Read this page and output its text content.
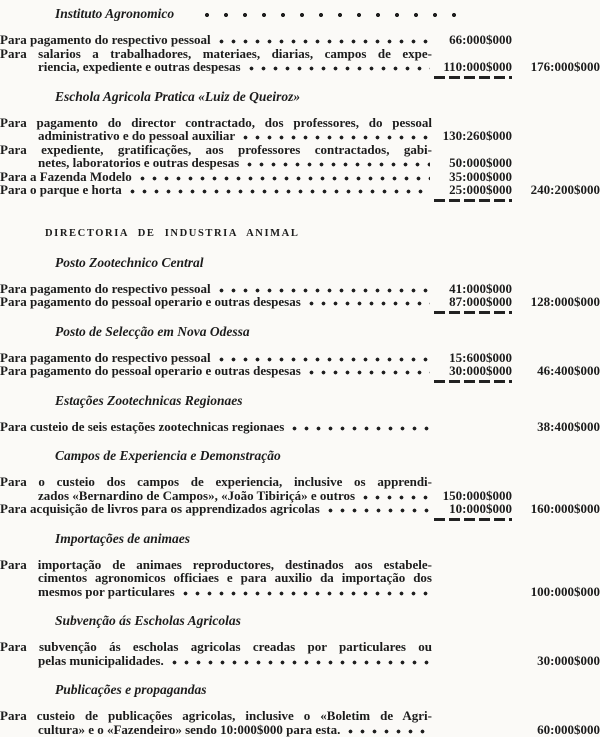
Instituto Agronomico
Para pagamento do respectivo pessoal	66:000$000
Para salarios a trabalhadores, materiaes, diarias, campos de expe-
riencia, expediente e outras despesas	110:000$000	176:000$000
Eschola Agricola Pratica «Luiz de Queiroz»
Para pagamento do director contractado, dos professores, do pessoal
administrativo e do pessoal auxiliar	130:260$000
Para expediente, gratificações, aos professores contractados, gabi-
netes, laboratorios e outras despesas	50:000$000
Para a Fazenda Modelo	35:000$000
Para o parque e horta	25:000$000	240:200$000
DIRECTORIA DE INDUSTRIA ANIMAL
Posto Zootechnico Central
Para pagamento do respectivo pessoal	41:000$000
Para pagamento do pessoal operario e outras despesas	87:000$000	128:000$000
Posto de Selecção em Nova Odessa
Para pagamento do respectivo pessoal	15:600$000
Para pagamento do pessoal operario e outras despesas	30:000$000	46:400$000
Estações Zootechnicas Regionaes
Para custeio de seis estações zootechnicas regionaes	38:400$000
Campos de Experiencia e Demonstração
Para o custeio dos campos de experiencia, inclusive os apprendi-
zados «Bernardino de Campos», «João Tibiriçá» e outros	150:000$000
Para acquisição de livros para os apprendizados agricolas	10:000$000	160:000$000
Importações de animaes
Para importação de animaes reproductores, destinados aos estabele-
cimentos agronomicos officiaes e para auxilio da importação dos
mesmos por particulares	100:000$000
Subvenção ás Escholas Agricolas
Para subvenção ás escholas agricolas creadas por particulares ou
pelas municipalidades.	30:000$000
Publicações e propagandas
Para custeio de publicações agricolas, inclusive o «Boletim de Agri-
cultura» e o «Fazendeiro» sendo 10:000$000 para esta.	60:000$000
